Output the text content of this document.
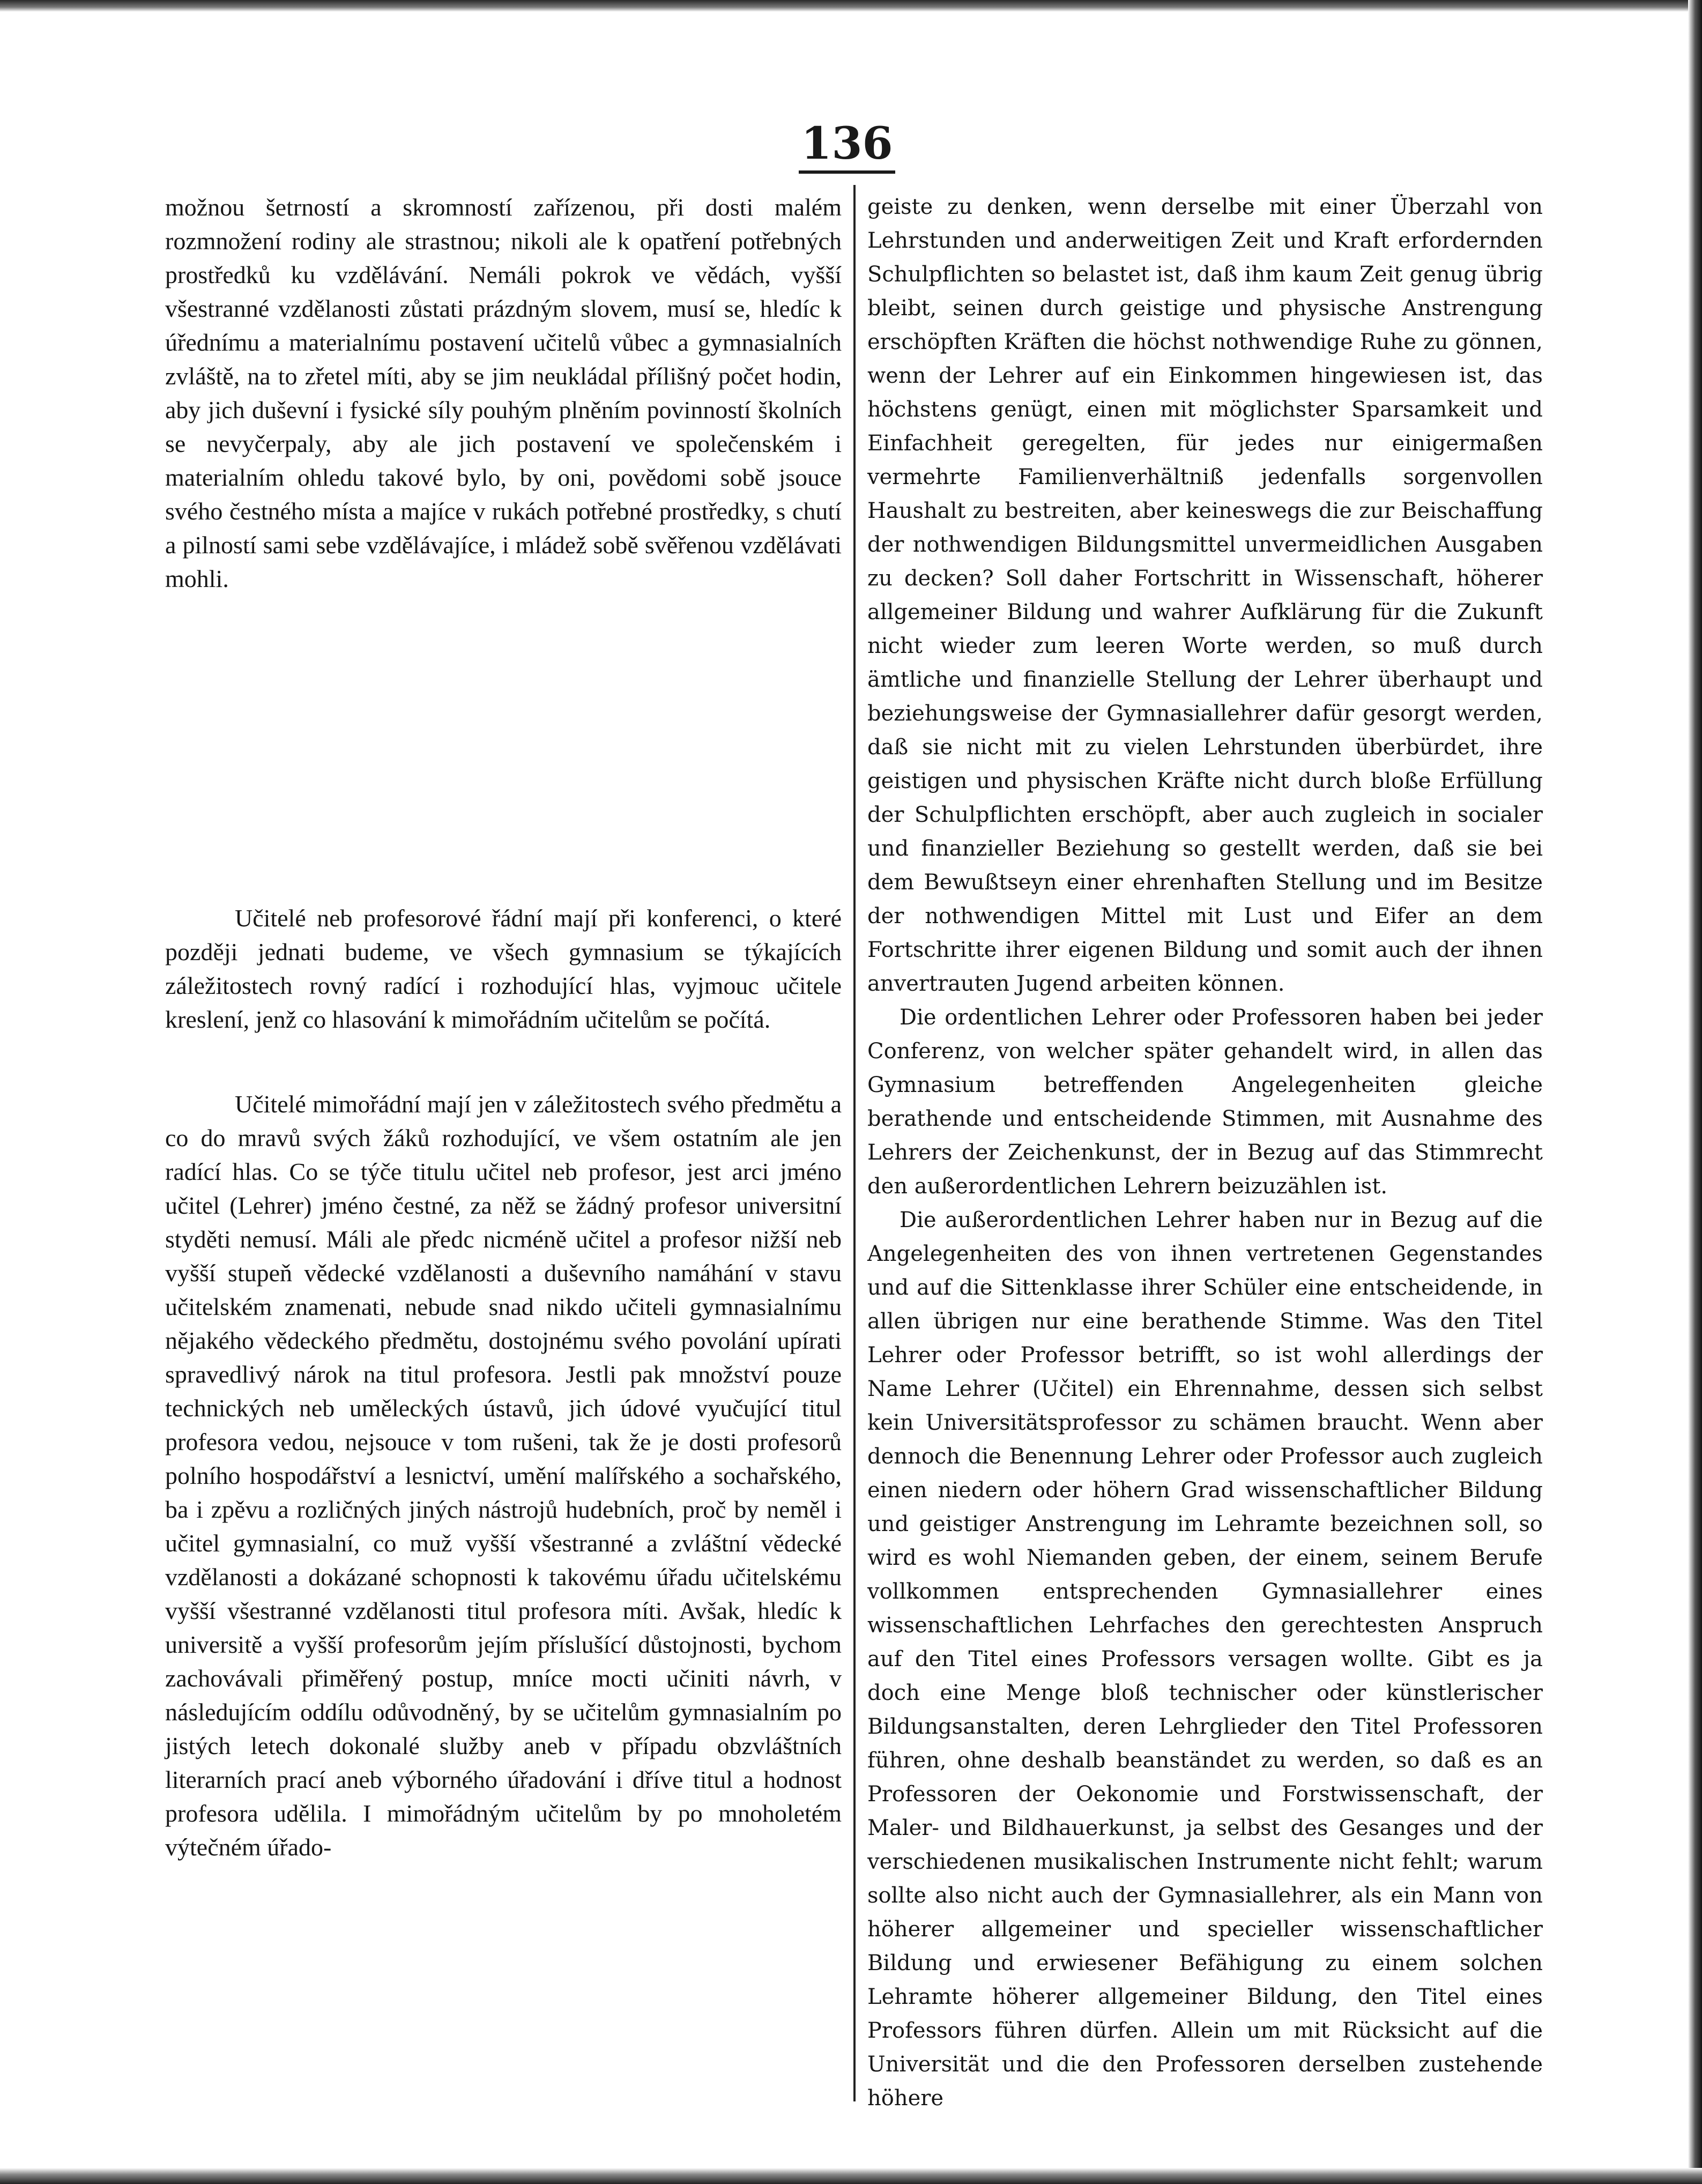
136

možnou šetrností a skromností zařízenou, při dosti malém rozmnožení rodiny ale strastnou; nikoli ale k opatření potřebných prostředků ku vzdělávání. Nemáli pokrok ve vědách, vyšší všestranné vzdělanosti zůstati prázdným slovem, musí se, hledíc k úřednímu a materialnímu postavení učitelů vůbec a gymnasialních zvláště, na to zřetel míti, aby se jim neukládal přílišný počet hodin, aby jich duševní i fysické síly pouhým plněním povinností školních se nevyčerpaly, aby ale jich postavení ve společenském i materialním ohledu takové bylo, by oni, povědomi sobě jsouce svého čestného místa a majíce v rukách potřebné prostředky, s chutí a pilností sami sebe vzdělávajíce, i mládež sobě svěřenou vzdělávati mohli.

Učitelé neb profesorové řádní mají při konferenci, o které později jednati budeme, ve všech gymnasium se týkajících záležitostech rovný radící i rozhodující hlas, vyjmouc učitele kreslení, jenž co hlasování k mimořádním učitelům se počítá.

Učitelé mimořádní mají jen v záležitostech svého předmětu a co do mravů svých žáků rozhodující, ve všem ostatním ale jen radící hlas. Co se týče titulu učitel neb profesor, jest arci jméno učitel (Lehrer) jméno čestné, za něž se žádný profesor universitní styděti nemusí. Máli ale předc nicméně učitel a profesor nižší neb vyšší stupeň vědecké vzdělanosti a duševního namáhání v stavu učitelském znamenati, nebude snad nikdo učiteli gymnasialnímu nějakého vědeckého předmětu, dostojnému svého povolání upírati spravedlivý nárok na titul profesora. Jestli pak množství pouze technických neb uměleckých ústavů, jich údové vyučující titul profesora vedou, nejsouce v tom rušeni, tak že je dosti profesorů polního hospodářství a lesnictví, umění malířského a sochařského, ba i zpěvu a rozličných jiných nástrojů hudebních, proč by neměl i učitel gymnasialní, co muž vyšší všestranné a zvláštní vědecké vzdělanosti a dokázané schopnosti k takovému úřadu učitelskému vyšší všestranné vzdělanosti titul profesora míti. Avšak, hledíc k universitě a vyšší profesorům jejím příslušící důstojnosti, bychom zachovávali přiměřený postup, mníce mocti učiniti návrh, v následujícím oddílu odůvodněný, by se učitelům gymnasialním po jistých letech dokonalé služby aneb v případu obzvláštních literarních prací aneb výborného úřadování i dříve titul a hodnost profesora udělila. I mimořádným učitelům by po mnoholetém výtečném úřado-

geiste zu denken, wenn derselbe mit einer Überzahl von Lehrstunden und anderweitigen Zeit und Kraft erfordernden Schulpflichten so belastet ist, daß ihm kaum Zeit genug übrig bleibt, seinen durch geistige und physische Anstrengung erschöpften Kräften die höchst nothwendige Ruhe zu gönnen, wenn der Lehrer auf ein Einkommen hingewiesen ist, das höchstens genügt, einen mit möglichster Sparsamkeit und Einfachheit geregelten, für jedes nur einigermaßen vermehrte Familienverhältniß jedenfalls sorgenvollen Haushalt zu bestreiten, aber keineswegs die zur Beischaffung der nothwendigen Bildungsmittel unvermeidlichen Ausgaben zu decken? Soll daher Fortschritt in Wissenschaft, höherer allgemeiner Bildung und wahrer Aufklärung für die Zukunft nicht wieder zum leeren Worte werden, so muß durch ämtliche und finanzielle Stellung der Lehrer überhaupt und beziehungsweise der Gymnasiallehrer dafür gesorgt werden, daß sie nicht mit zu vielen Lehrstunden überbürdet, ihre geistigen und physischen Kräfte nicht durch bloße Erfüllung der Schulpflichten erschöpft, aber auch zugleich in socialer und finanzieller Beziehung so gestellt werden, daß sie bei dem Bewußtseyn einer ehrenhaften Stellung und im Besitze der nothwendigen Mittel mit Lust und Eifer an dem Fortschritte ihrer eigenen Bildung und somit auch der ihnen anvertrauten Jugend arbeiten können.

Die ordentlichen Lehrer oder Professoren haben bei jeder Conferenz, von welcher später gehandelt wird, in allen das Gymnasium betreffenden Angelegenheiten gleiche berathende und entscheidende Stimmen, mit Ausnahme des Lehrers der Zeichenkunst, der in Bezug auf das Stimmrecht den außerordentlichen Lehrern beizuzählen ist.

Die außerordentlichen Lehrer haben nur in Bezug auf die Angelegenheiten des von ihnen vertretenen Gegenstandes und auf die Sittenklasse ihrer Schüler eine entscheidende, in allen übrigen nur eine berathende Stimme. Was den Titel Lehrer oder Professor betrifft, so ist wohl allerdings der Name Lehrer (Učitel) ein Ehrennahme, dessen sich selbst kein Universitätsprofessor zu schämen braucht. Wenn aber dennoch die Benennung Lehrer oder Professor auch zugleich einen niedern oder höhern Grad wissenschaftlicher Bildung und geistiger Anstrengung im Lehramte bezeichnen soll, so wird es wohl Niemanden geben, der einem, seinem Berufe vollkommen entsprechenden Gymnasiallehrer eines wissenschaftlichen Lehrfaches den gerechtesten Anspruch auf den Titel eines Professors versagen wollte. Gibt es ja doch eine Menge bloß technischer oder künstlerischer Bildungsanstalten, deren Lehrglieder den Titel Professoren führen, ohne deshalb beanständet zu werden, so daß es an Professoren der Oekonomie und Forstwissenschaft, der Maler- und Bildhauerkunst, ja selbst des Gesanges und der verschiedenen musikalischen Instrumente nicht fehlt; warum sollte also nicht auch der Gymnasiallehrer, als ein Mann von höherer allgemeiner und specieller wissenschaftlicher Bildung und erwiesener Befähigung zu einem solchen Lehramte höherer allgemeiner Bildung, den Titel eines Professors führen dürfen. Allein um mit Rücksicht auf die Universität und die den Professoren derselben zustehende höhere
